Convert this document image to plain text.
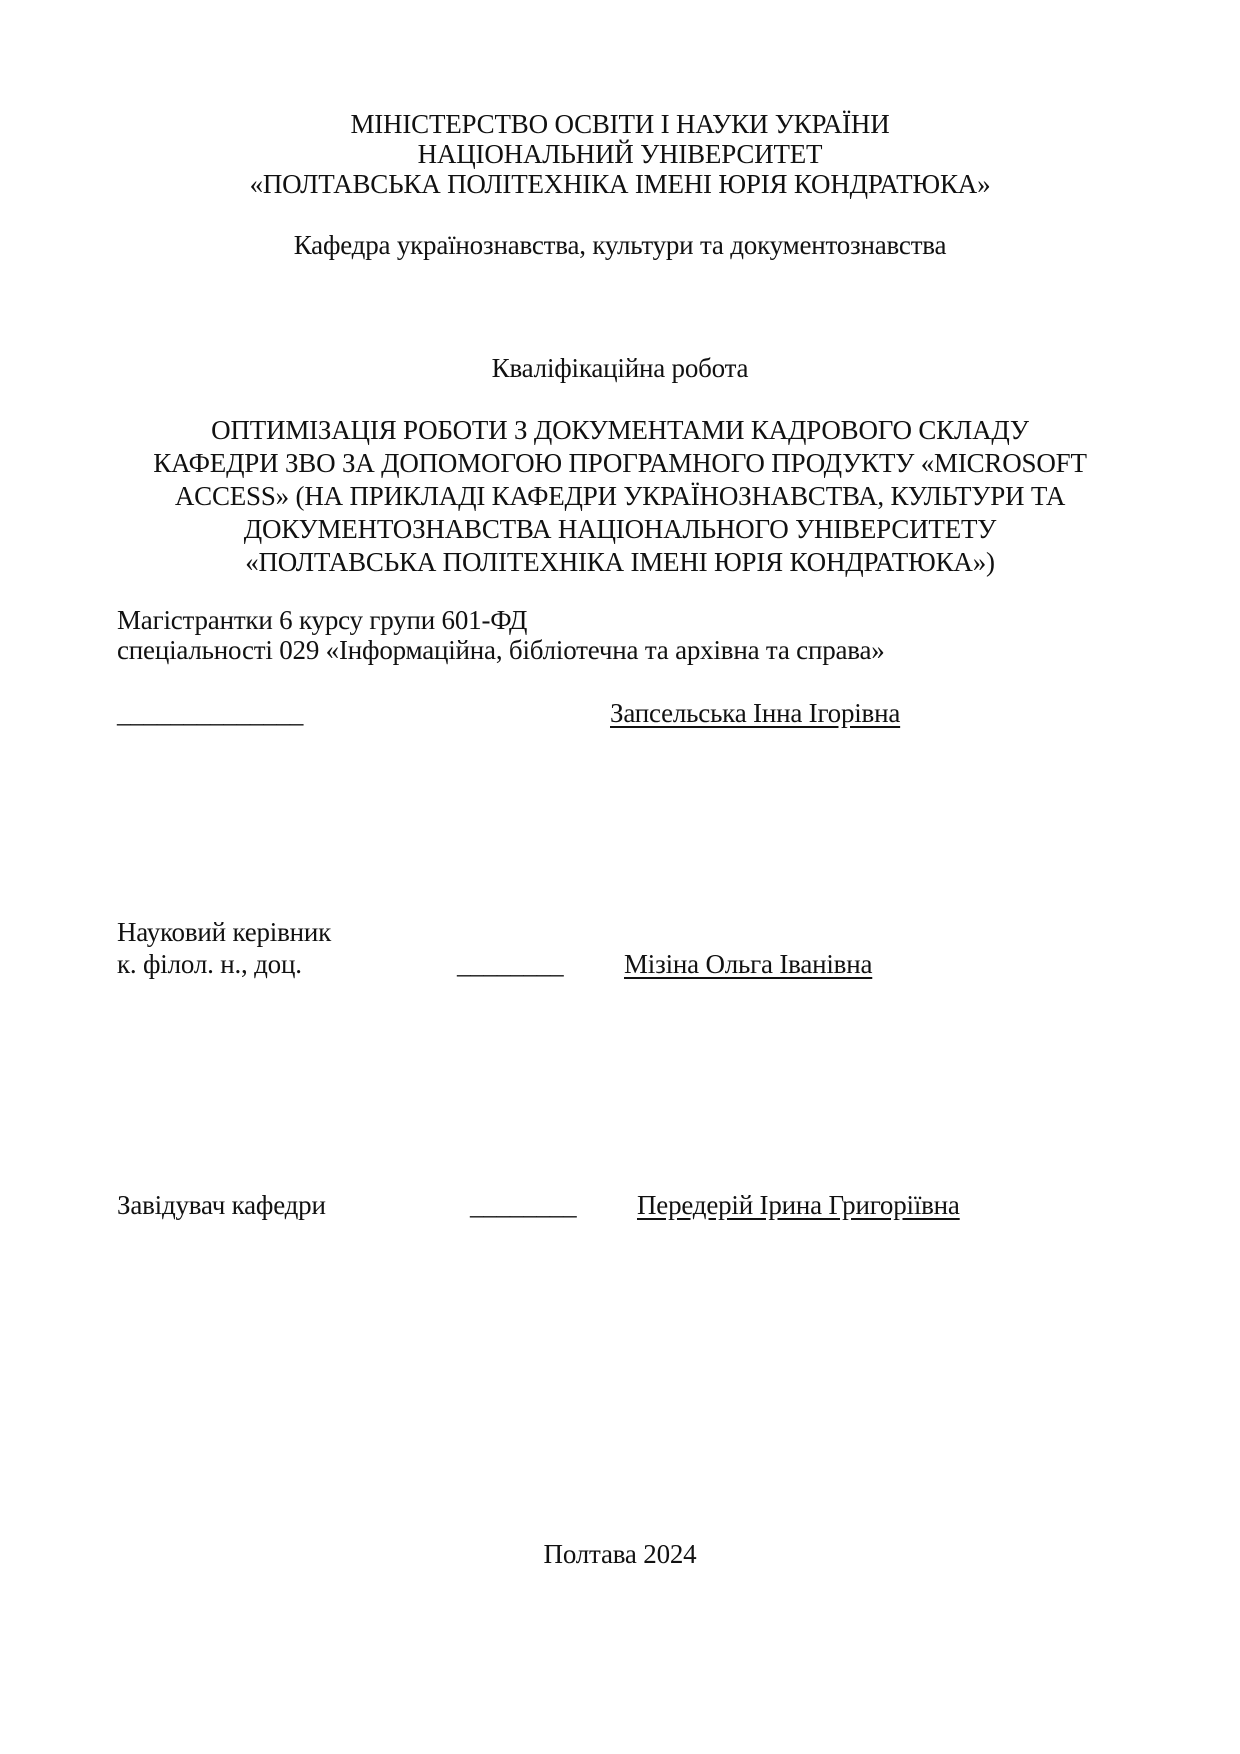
МІНІСТЕРСТВО ОСВІТИ І НАУКИ УКРАЇНИ
НАЦІОНАЛЬНИЙ УНІВЕРСИТЕТ
«ПОЛТАВСЬКА ПОЛІТЕХНІКА ІМЕНІ ЮРІЯ КОНДРАТЮКА»
Кафедра українознавства, культури та документознавства
Кваліфікаційна робота
ОПТИМІЗАЦІЯ РОБОТИ З ДОКУМЕНТАМИ КАДРОВОГО СКЛАДУ
КАФЕДРИ ЗВО ЗА ДОПОМОГОЮ ПРОГРАМНОГО ПРОДУКТУ «MICROSOFT
ACCESS» (НА ПРИКЛАДІ КАФЕДРИ УКРАЇНОЗНАВСТВА, КУЛЬТУРИ ТА
ДОКУМЕНТОЗНАВСТВА НАЦІОНАЛЬНОГО УНІВЕРСИТЕТУ
«ПОЛТАВСЬКА ПОЛІТЕХНІКА ІМЕНІ ЮРІЯ КОНДРАТЮКА»)
Магістрантки 6 курсу групи 601-ФД
спеціальності 029 «Інформаційна, бібліотечна та архівна та справа»
______________	Запсельська Інна Ігорівна
Науковий керівник
к. філол. н., доц.	________ Мізіна Ольга Іванівна
Завідувач кафедри	________ Передерій Ірина Григоріївна
Полтава 2024
